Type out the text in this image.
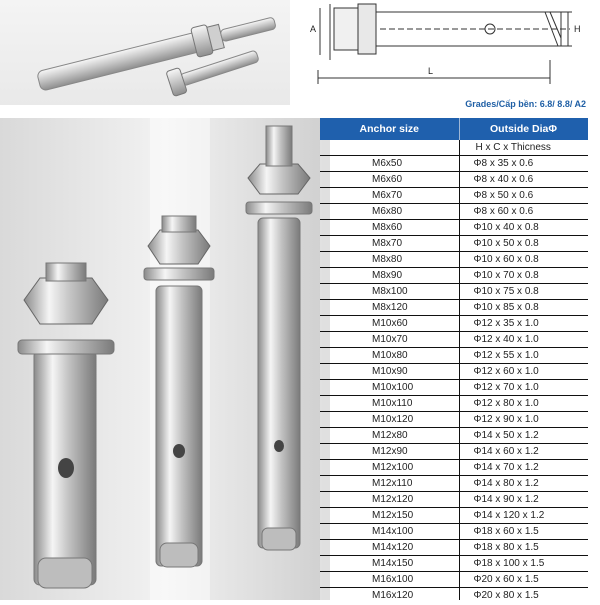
A	H
L
Grades/Cấp bền: 6.8/ 8.8/ A2
Anchor size	Outside DiaΦ
	H x C x Thicness
M6x50	Φ8 x 35 x 0.6
M6x60	Φ8 x 40 x 0.6
M6x70	Φ8 x 50 x 0.6
M6x80	Φ8 x 60 x 0.6
M8x60	Φ10 x 40 x 0.8
M8x70	Φ10 x 50 x 0.8
M8x80	Φ10 x 60 x 0.8
M8x90	Φ10 x 70 x 0.8
M8x100	Φ10 x 75 x 0.8
M8x120	Φ10 x 85 x 0.8
M10x60	Φ12 x 35 x 1.0
M10x70	Φ12 x 40 x 1.0
M10x80	Φ12 x 55 x 1.0
M10x90	Φ12 x 60 x 1.0
M10x100	Φ12 x 70 x 1.0
M10x110	Φ12 x 80 x 1.0
M10x120	Φ12 x 90 x 1.0
M12x80	Φ14 x 50 x 1.2
M12x90	Φ14 x 60 x 1.2
M12x100	Φ14 x 70 x 1.2
M12x110	Φ14 x 80 x 1.2
M12x120	Φ14 x 90 x 1.2
M12x150	Φ14 x 120 x 1.2
M14x100	Φ18 x 60 x 1.5
M14x120	Φ18 x 80 x 1.5
M14x150	Φ18 x 100 x 1.5
M16x100	Φ20 x 60 x 1.5
M16x120	Φ20 x 80 x 1.5
